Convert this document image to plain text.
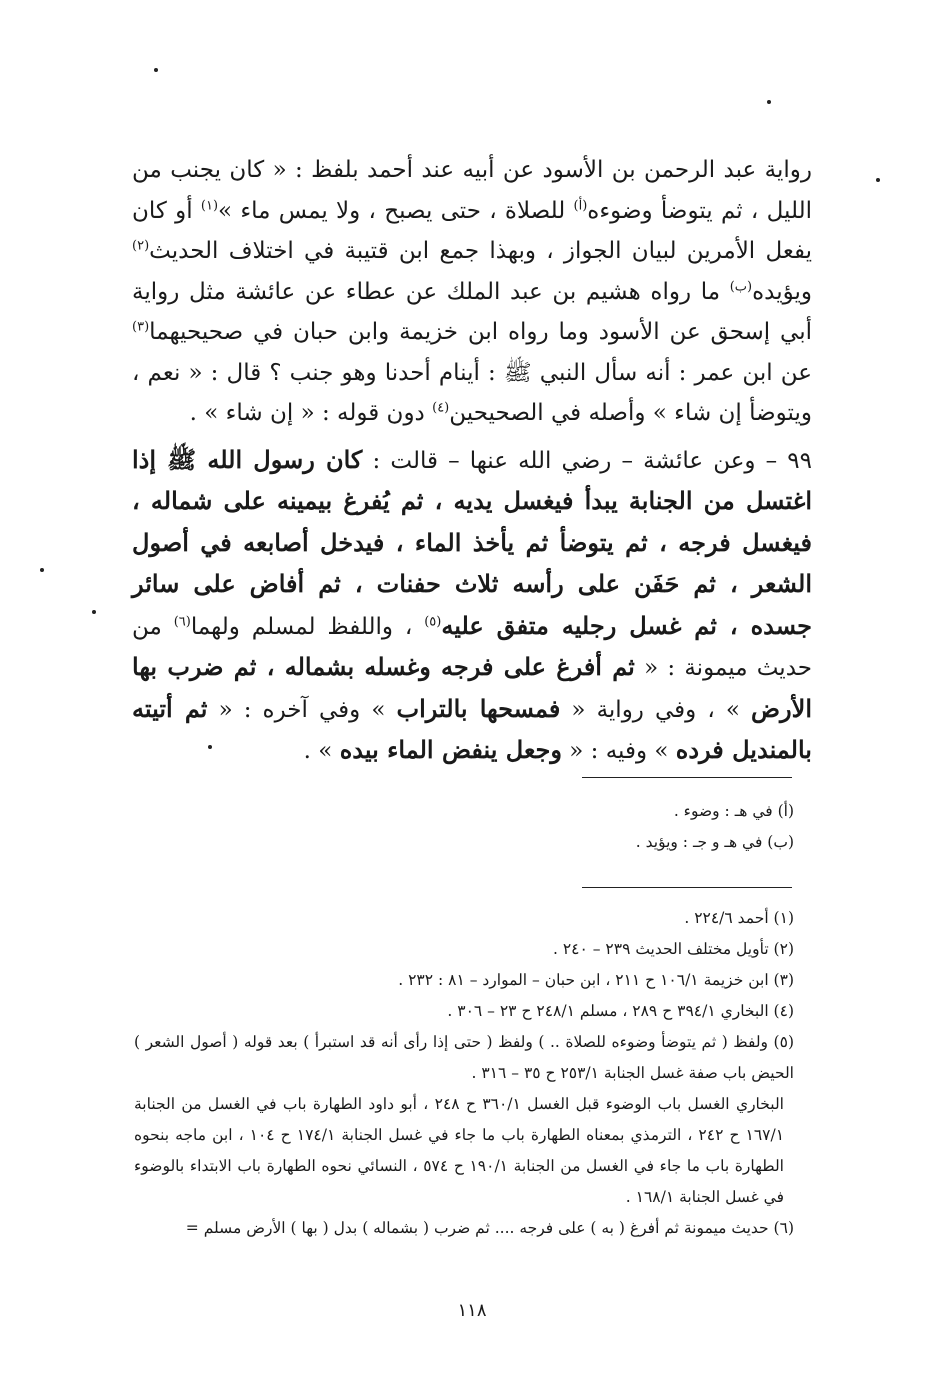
رواية عبد الرحمن بن الأسود عن أبيه عند أحمد بلفظ : « كان يجنب من الليل ، ثم يتوضأ وضوءه$^{(أ)}$ للصلاة ، حتى يصبح ، ولا يمس ماء »$^{(١)}$ أو كان يفعل الأمرين لبيان الجواز ، وبهذا جمع ابن قتيبة في اختلاف الحديث$^{(٢)}$ ويؤيده$^{(ب)}$ ما رواه هشيم بن عبد الملك عن عطاء عن عائشة مثل رواية أبي إسحق عن الأسود وما رواه ابن خزيمة وابن حبان في صحيحيهما$^{(٣)}$ عن ابن عمر : أنه سأل النبي ﷺ : أينام أحدنا وهو جنب ؟ قال : « نعم ، ويتوضأ إن شاء » وأصله في الصحيحين$^{(٤)}$ دون قوله : « إن شاء » .

٩٩ – وعن عائشة – رضي الله عنها – قالت : كان رسول الله ﷺ إذا اغتسل من الجنابة يبدأ فيغسل يديه ، ثم يُفرغ بيمينه على شماله ، فيغسل فرجه ، ثم يتوضأ ثم يأخذ الماء ، فيدخل أصابعه في أصول الشعر ، ثم حَفَن على رأسه ثلاث حفنات ، ثم أفاض على سائر جسده ، ثم غسل رجليه متفق عليه$^{(٥)}$ ، واللفظ لمسلم ولهما$^{(٦)}$ من حديث ميمونة : « ثم أفرغ على فرجه وغسله بشماله ، ثم ضرب بها الأرض » ، وفي رواية « فمسحها بالتراب » وفي آخره : « ثم أتيته بالمنديل فرده » وفيه : « وجعل ينفض الماء بيده » .

(أ) في هـ : وضوء .
(ب) في هـ و جـ : ويؤيد .
(١) أحمد ٢٢٤/٦ .
(٢) تأويل مختلف الحديث ٢٣٩ – ٢٤٠ .
(٣) ابن خزيمة ١٠٦/١ ح ٢١١ ، ابن حبان – الموارد – ٨١ : ٢٣٢ .
(٤) البخاري ٣٩٤/١ ح ٢٨٩ ، مسلم ٢٤٨/١ ح ٢٣ – ٣٠٦ .
(٥) ولفظ ( ثم يتوضأ وضوءه للصلاة .. ) ولفظ ( حتى إذا رأى أنه قد استبرأ ) بعد قوله ( أصول الشعر ) الحيض باب صفة غسل الجنابة ٢٥٣/١ ح ٣٥ – ٣١٦ .
البخاري الغسل باب الوضوء قبل الغسل ٣٦٠/١ ح ٢٤٨ ، أبو داود الطهارة باب في الغسل من الجنابة ١٦٧/١ ح ٢٤٢ ، الترمذي بمعناه الطهارة باب ما جاء في غسل الجنابة ١٧٤/١ ح ١٠٤ ، ابن ماجه بنحوه الطهارة باب ما جاء في الغسل من الجنابة ١٩٠/١ ح ٥٧٤ ، النسائي نحوه الطهارة باب الابتداء بالوضوء في غسل الجنابة ١٦٨/١ .
(٦) حديث ميمونة ثم أفرغ ( به ) على فرجه .... ثم ضرب ( بشماله ) بدل ( بها ) الأرض مسلم =
١١٨
